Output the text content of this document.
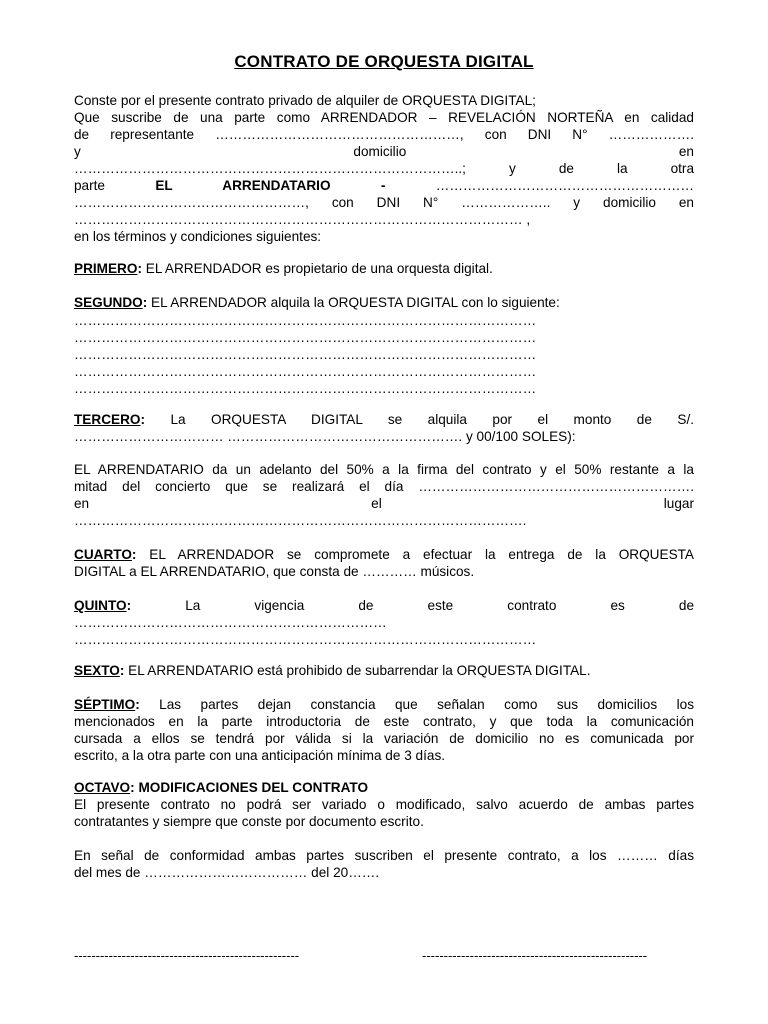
CONTRATO DE ORQUESTA DIGITAL
Conste por el presente contrato privado de alquiler de ORQUESTA DIGITAL;
Que suscribe de una parte como ARRENDADOR – REVELACIÓN NORTEÑA en calidad
de representante ………………………………………………, con DNI N° ……………….
y domicilio en
…………………………………………………………………………..; y de la otra
parte	EL ARRENDATARIO -	…………………………………………………
……………………………………………, con DNI N° ……………….. y domicilio en
……………………………………………………………………………………… ,
en los términos y condiciones siguientes:
PRIMERO: EL ARRENDADOR es propietario de una orquesta digital.
SEGUNDO: EL ARRENDADOR alquila la ORQUESTA DIGITAL con lo siguiente:
…………………………………………………………………………………………
…………………………………………………………………………………………
…………………………………………………………………………………………
…………………………………………………………………………………………
…………………………………………………………………………………………
TERCERO: La ORQUESTA DIGITAL se alquila por el monto de S/.
…………………………… ……………………………………………. y 00/100 SOLES):
EL ARRENDATARIO da un adelanto del 50% a la firma del contrato y el 50% restante a la
mitad del concierto que se realizará el día …………………………………………………….
en el lugar
……………………………………………………………………………………….
CUARTO: EL ARRENDADOR se compromete a efectuar la entrega de la ORQUESTA
DIGITAL a EL ARRENDATARIO, que consta de ………… músicos.
QUINTO: La vigencia de este contrato es de
……………………………………………………………
…………………………………………………………………………………………
SEXTO: EL ARRENDATARIO está prohibido de subarrendar la ORQUESTA DIGITAL.
SÉPTIMO: Las partes dejan constancia que señalan como sus domicilios los
mencionados en la parte introductoria de este contrato, y que toda la comunicación
cursada a ellos se tendrá por válida si la variación de domicilio no es comunicada por
escrito, a la otra parte con una anticipación mínima de 3 días.
OCTAVO: MODIFICACIONES DEL CONTRATO
El presente contrato no podrá ser variado o modificado, salvo acuerdo de ambas partes
contratantes y siempre que conste por documento escrito.
En señal de conformidad ambas partes suscriben el presente contrato, a los ……… días
del mes de ……………………………… del 20…….
----------------------------------------------------	----------------------------------------------------
